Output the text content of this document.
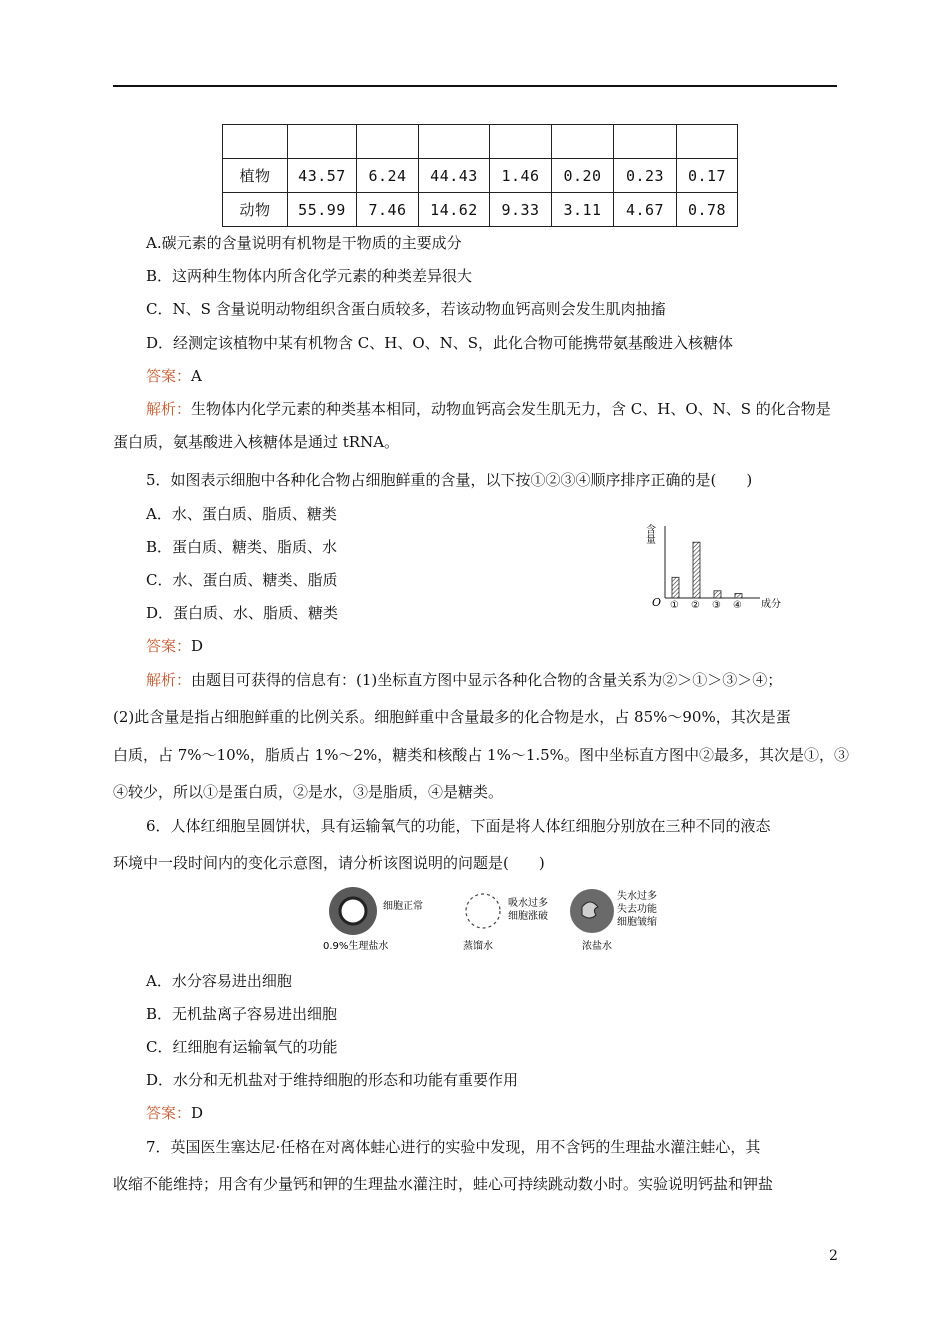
植物	43.57	6.24	44.43	1.46	0.20	0.23	0.17
动物	55.99	7.46	14.62	9.33	3.11	4.67	0.78
A.碳元素的含量说明有机物是干物质的主要成分
B．这两种生物体内所含化学元素的种类差异很大
C．N、S 含量说明动物组织含蛋白质较多，若该动物血钙高则会发生肌肉抽搐
D．经测定该植物中某有机物含 C、H、O、N、S，此化合物可能携带氨基酸进入核糖体
答案：A
解析：生物体内化学元素的种类基本相同，动物血钙高会发生肌无力，含 C、H、O、N、S 的化合物是
蛋白质，氨基酸进入核糖体是通过 tRNA。
5．如图表示细胞中各种化合物占细胞鲜重的含量，以下按①②③④顺序排序正确的是(　　)
A．水、蛋白质、脂质、糖类
B．蛋白质、糖类、脂质、水
C．水、蛋白质、糖类、脂质
D．蛋白质、水、脂质、糖类
答案：D
解析：由题目可获得的信息有：(1)坐标直方图中显示各种化合物的含量关系为②＞①＞③＞④；
(2)此含量是指占细胞鲜重的比例关系。细胞鲜重中含量最多的化合物是水，占 85%～90%，其次是蛋
白质，占 7%～10%，脂质占 1%～2%，糖类和核酸占 1%～1.5%。图中坐标直方图中②最多，其次是①，③
④较少，所以①是蛋白质，②是水，③是脂质，④是糖类。
含量
O	成分
① ② ③ ④
6．人体红细胞呈圆饼状，具有运输氧气的功能，下面是将人体红细胞分别放在三种不同的液态
环境中一段时间内的变化示意图，请分析该图说明的问题是(　　)
细胞正常
0.9%生理盐水
吸水过多
细胞涨破
蒸馏水
失水过多
失去功能
细胞皱缩
浓盐水
A．水分容易进出细胞
B．无机盐离子容易进出细胞
C．红细胞有运输氧气的功能
D．水分和无机盐对于维持细胞的形态和功能有重要作用
答案：D
7．英国医生塞达尼·任格在对离体蛙心进行的实验中发现，用不含钙的生理盐水灌注蛙心，其
收缩不能维持；用含有少量钙和钾的生理盐水灌注时，蛙心可持续跳动数小时。实验说明钙盐和钾盐
2
